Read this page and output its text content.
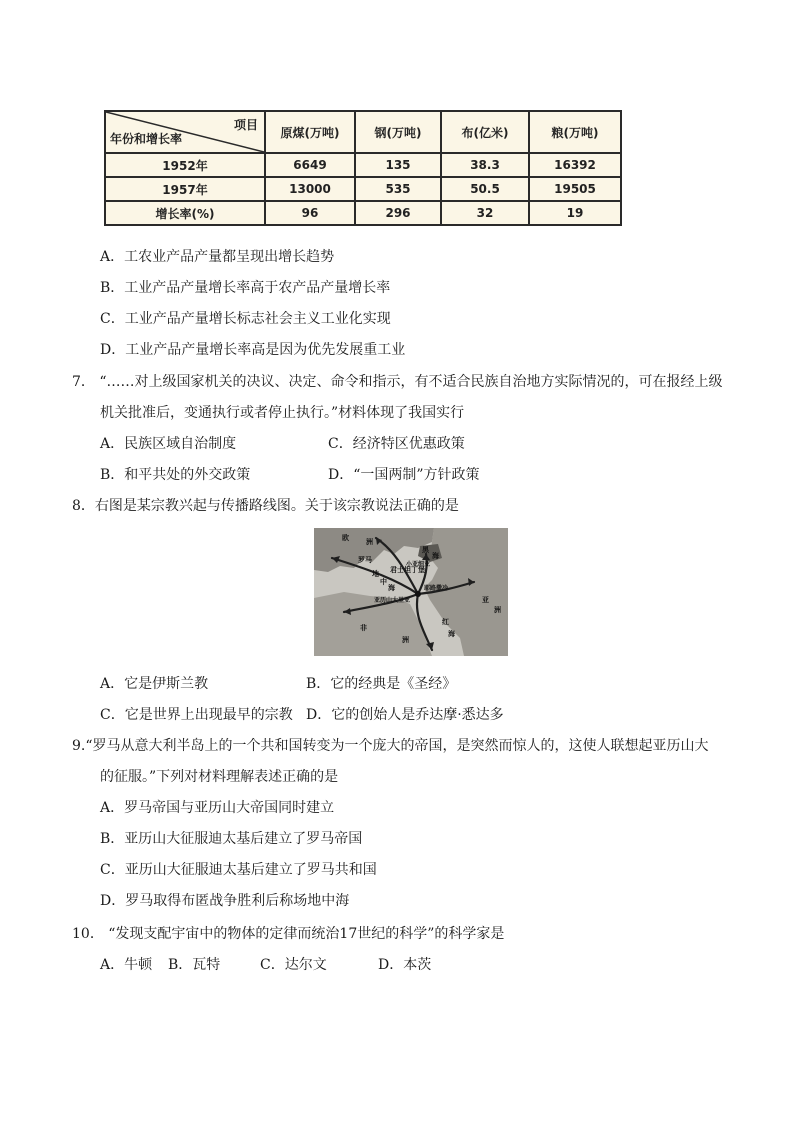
项目
年份和增长率	原煤(万吨)	钢(万吨)	布(亿米)	粮(万吨)
1952年	6649	135	38.3	16392
1957年	13000	535	50.5	19505
增长率(%)	96	296	32	19
A．工农业产品产量都呈现出增长趋势
B．工业产品产量增长率高于农产品产量增长率
C．工业产品产量增长标志社会主义工业化实现
D．工业产品产量增长率高是因为优先发展重工业
7． “……对上级国家机关的决议、决定、命令和指示，有不适合民族自治地方实际情况的，可在报经上级
机关批准后，变通执行或者停止执行。”材料体现了我国实行
A．民族区域自治制度	C．经济特区优惠政策
B．和平共处的外交政策	D．“一国两制”方针政策
8．右图是某宗教兴起与传播路线图。关于该宗教说法正确的是
欧 洲
罗马
黑
海
君士坦丁堡
小亚细亚
耶路撒冷
亚
洲
亚历山大里亚
非
洲
地
中
海
红
海
A．它是伊斯兰教	B．它的经典是《圣经》
C．它是世界上出现最早的宗教 D．它的创始人是乔达摩·悉达多
9.“罗马从意大利半岛上的一个共和国转变为一个庞大的帝国，是突然而惊人的，这使人联想起亚历山大
的征服。”下列对材料理解表述正确的是
A．罗马帝国与亚历山大帝国同时建立
B．亚历山大征服迪太基后建立了罗马帝国
C．亚历山大征服迪太基后建立了罗马共和国
D．罗马取得布匿战争胜利后称场地中海
10． “发现支配宇宙中的物体的定律而统治17世纪的科学”的科学家是
A．牛顿 B．瓦特	C．达尔文	D．本茨
